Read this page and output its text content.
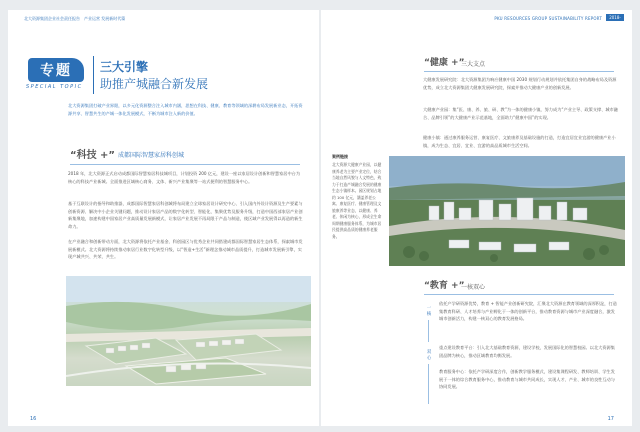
北大资源集团企业社会责任报告 产业运营 发展新时代篇
专题
SPECIAL TOPIC
三大引擎
助推产城融合新发展
北大资源集团打破产业界限，以多元化资源整合注入城市内涵，思想在科技、健康、教育等领域的深耕布局发展新业态，开拓资源共享、智慧共生的产城一体化发展模式，不断为城市注入新的价值。
“科技 +” 成都国际智慧家居科创城
2018 年，北大资源正式启动成都国际智慧家居科技城项目，计划投资 200 亿元，建设一座以家居设计创新和智慧家居中台为核心的科技产业新城。全面推进区域核心商务、文体、新兴产业集聚等一站式便利的智慧服务中心。
基于互联设计的指导和助推器，成都国际智慧家居科创城将布局建立全球家居设计研究中心、引入国内外设计资源及生产要素与创新资源、解决中小企业关键问题，推动设计家居产品的数字化转型、智能化、集聚优势及服务升级，打造中国西部家居产业创新集聚地，加速构建中国家居产业高质量发展新模式，让家居产业发展不再局限于产品与制造，使区域产业发展得以再造的新生命力。
在产业融合和创新带动方面，北大资源将依托产业基金、科创园区与优秀企业共同搭建成都国际智慧家居生态体系，探索城市发展新模式。北大资源将持续推动家居行业数字化转型升级，以“智造+生活”新理念推动城市品质提升，打造城市发展新引擎，实现产城共兴、共荣、共生。
16
PKU RESOURCES GROUP SUSTAINABILITY REPORT	2018-2019
“健康 +”
三大支点
大健康发展研究院：北大资源集团为响应健康中国 2030 规划行动规划并依托集团自身的战略布局及资源优势，成立北大资源集团大健康发展研究院，探索并推动大健康产业的创新发展。
大健康产业园：集“医、康、养、旅、研、教”为一体的健康小镇，努力成为“产业主导、政策支撑、城市融合、品牌引领”的大健康产业示范基地，全面助力“健康中国”的实现。
健康小镇：通过康养服务运营、康复医疗、文旅康养及基础设施的打造，打造宜居宜业宜游的健康产业小镇，成为生态、宜居、宜业、宜游的高品质城市生活空间。
案例链接
北大资源大健康产业园，以健康养老为主要产业定位，结合当地自然风貌与人文特色，致力于打造产城融合发展的健康生态小镇样本。园区规划占地约 100 亿元，涵盖养老公寓、康复医疗、健康管理及文旅康养等业态，以健康、养老、休闲为核心，形成全生命周期健康服务体系，为城市居民提供高品质的健康养老服务。
“教育 +”
一核双心
一核
双心
依托产学研资源优势，教育 + 智能产业创新研究院，汇聚北大资源在教育领域的深厚积淀，打造集教育科研、人才培养与产业孵化于一体的创新平台，推动教育资源与城市产业深度融合，激发城市创新活力，构建一核双心的教育发展格局。
重点建设教育平台：引入北大基础教育资源，建设学校，发展国际化的智慧校园。以北大资源集团品牌为核心，推动区域教育均衡发展。
教育服务中心：依托产学研深度合作，创新教学服务模式，建设集课程研发、教师培训、学生发展于一体的综合教育服务中心，推动教育与城市共同成长，实现人才、产业、城市的良性互动与协同发展。
17
